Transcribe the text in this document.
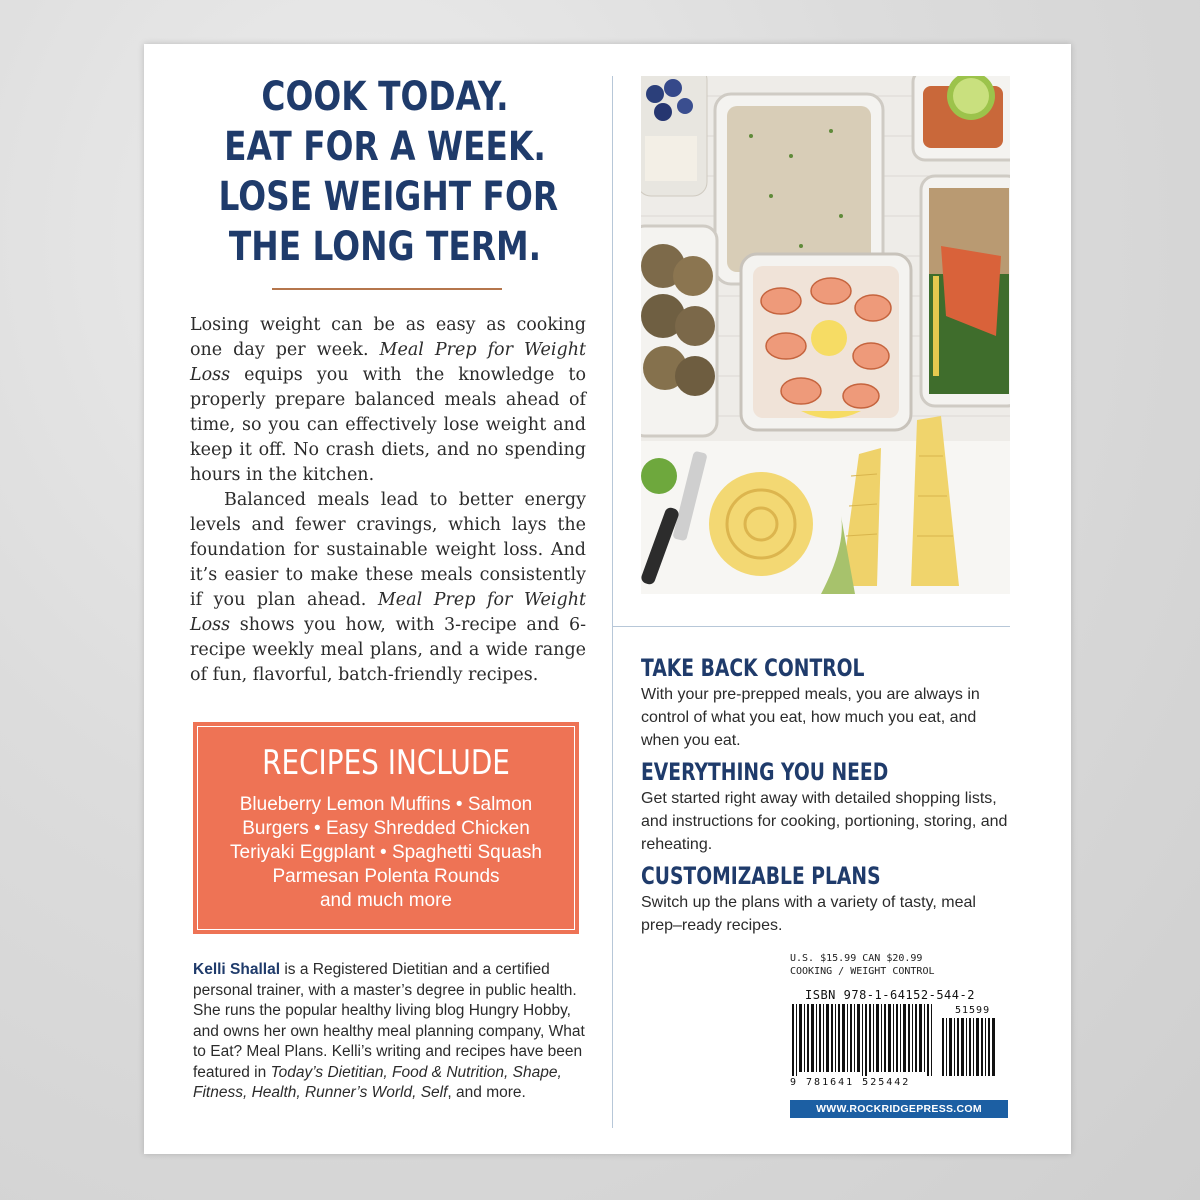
COOK TODAY.
EAT FOR A WEEK.
LOSE WEIGHT FOR
THE LONG TERM.

Losing weight can be as easy as cooking one day per week. Meal Prep for Weight Loss equips you with the knowledge to properly prepare balanced meals ahead of time, so you can effectively lose weight and keep it off. No crash diets, and no spending hours in the kitchen.

Balanced meals lead to better energy levels and fewer cravings, which lays the foundation for sustainable weight loss. And it’s easier to make these meals consistently if you plan ahead. Meal Prep for Weight Loss shows you how, with 3-recipe and 6-recipe weekly meal plans, and a wide range of fun, flavorful, batch-friendly recipes.

RECIPES INCLUDE
Blueberry Lemon Muffins • Salmon
Burgers • Easy Shredded Chicken
Teriyaki Eggplant • Spaghetti Squash
Parmesan Polenta Rounds
and much more
Kelli Shallal is a Registered Dietitian and a certified personal trainer, with a master’s degree in public health. She runs the popular healthy living blog Hungry Hobby, and owns her own healthy meal planning company, What to Eat? Meal Plans. Kelli’s writing and recipes have been featured in Today’s Dietitian, Food & Nutrition, Shape, Fitness, Health, Runner’s World, Self, and more.
TAKE BACK CONTROL
With your pre-prepped meals, you are always in control of what you eat, how much you eat, and when you eat.
EVERYTHING YOU NEED
Get started right away with detailed shopping lists, and instructions for cooking, portioning, storing, and reheating.
CUSTOMIZABLE PLANS
Switch up the plans with a variety of tasty, meal prep–ready recipes.
U.S. $15.99 CAN $20.99
COOKING / WEIGHT CONTROL
ISBN 978-1-64152-544-2
51599
9 781641 525442
WWW.ROCKRIDGEPRESS.COM
